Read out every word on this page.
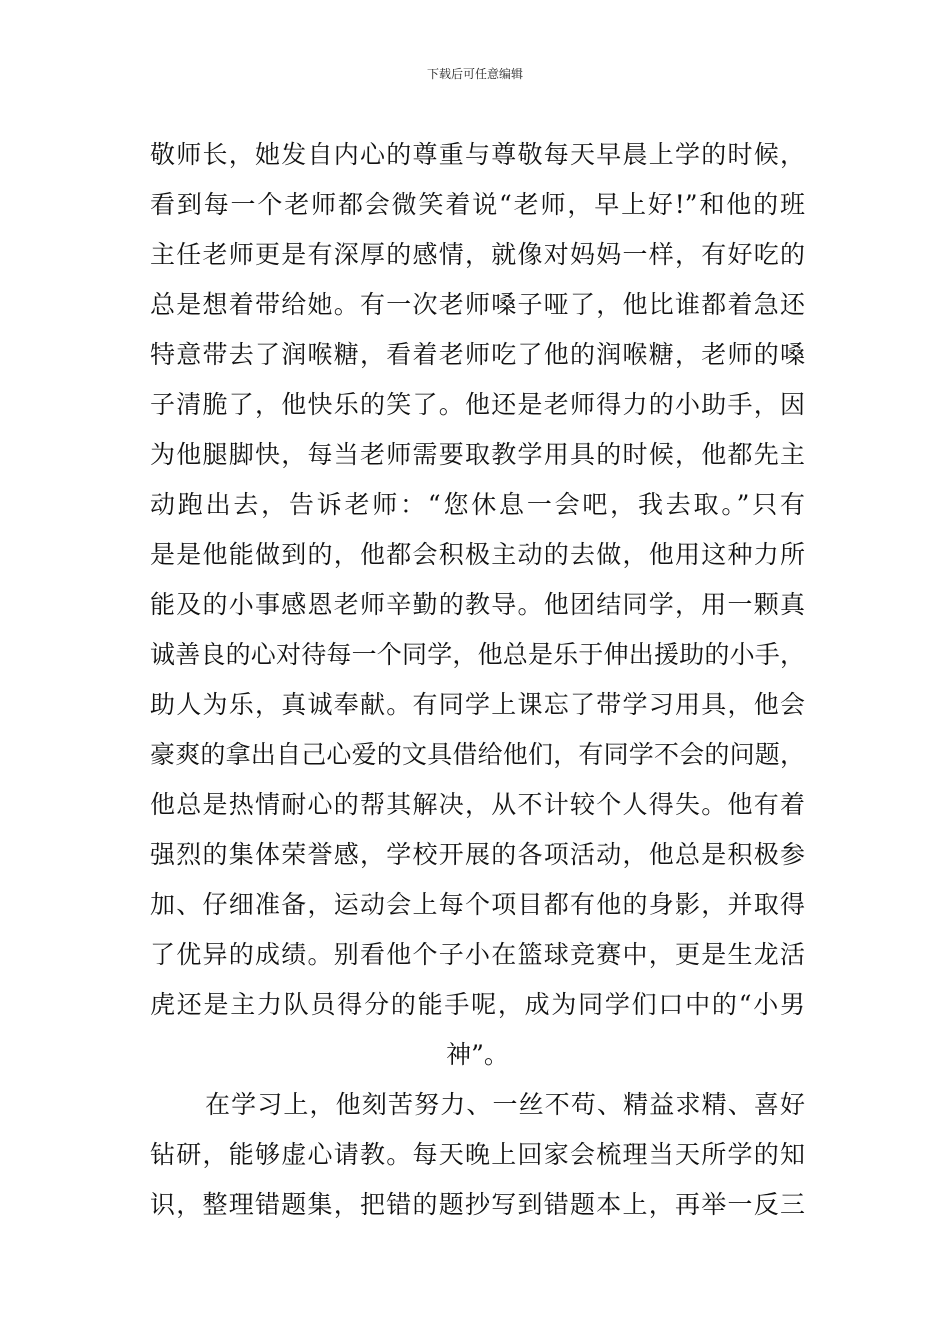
下载后可任意编辑
敬师长，她发自内心的尊重与尊敬每天早晨上学的时候，
看到每一个老师都会微笑着说“老师，早上好!”和他的班
主任老师更是有深厚的感情，就像对妈妈一样，有好吃的
总是想着带给她。有一次老师嗓子哑了，他比谁都着急还
特意带去了润喉糖，看着老师吃了他的润喉糖，老师的嗓
子清脆了，他快乐的笑了。他还是老师得力的小助手，因
为他腿脚快，每当老师需要取教学用具的时候，他都先主
动跑出去，告诉老师：“您休息一会吧，我去取。”只有
是是他能做到的，他都会积极主动的去做，他用这种力所
能及的小事感恩老师辛勤的教导。他团结同学，用一颗真
诚善良的心对待每一个同学，他总是乐于伸出援助的小手，
助人为乐，真诚奉献。有同学上课忘了带学习用具，他会
豪爽的拿出自己心爱的文具借给他们，有同学不会的问题，
他总是热情耐心的帮其解决，从不计较个人得失。他有着
强烈的集体荣誉感，学校开展的各项活动，他总是积极参
加、仔细准备，运动会上每个项目都有他的身影，并取得
了优异的成绩。别看他个子小在篮球竞赛中，更是生龙活
虎还是主力队员得分的能手呢，成为同学们口中的“小男
神”。
在学习上，他刻苦努力、一丝不苟、精益求精、喜好
钻研，能够虚心请教。每天晚上回家会梳理当天所学的知
识，整理错题集，把错的题抄写到错题本上，再举一反三
